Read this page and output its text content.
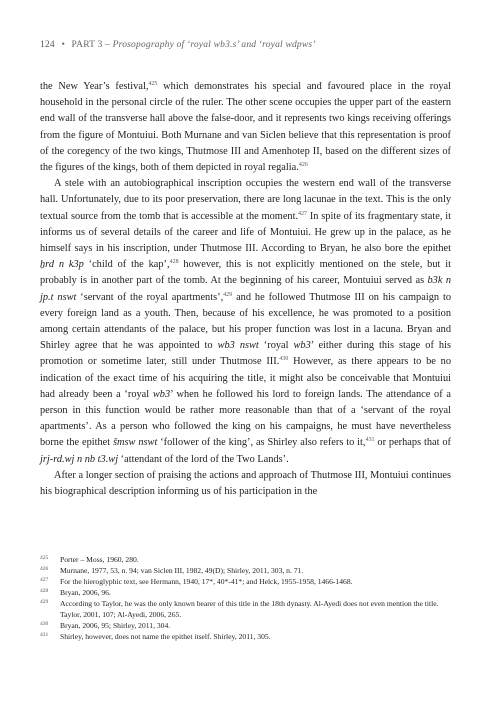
124 • PART 3 – Prosopography of ‘royal wb3.s’ and ‘royal wdpws’

the New Year’s festival,$^{425}$ which demonstrates his special and favoured place in the royal household in the personal circle of the ruler. The other scene occupies the upper part of the eastern end wall of the transverse hall above the false-door, and it represents two kings receiving offerings from the figure of Montuiui. Both Murnane and van Siclen believe that this representation is proof of the coregency of the two kings, Thutmose III and Amenhotep II, based on the different sizes of the figures of the kings, both of them depicted in royal regalia.$^{426}$

A stele with an autobiographical inscription occupies the western end wall of the transverse hall. Unfortunately, due to its poor preservation, there are long lacunae in the text. This is the only textual source from the tomb that is accessible at the moment.$^{427}$ In spite of its fragmentary state, it informs us of several details of the career and life of Montuiui. He grew up in the palace, as he himself says in his inscription, under Thutmose III. According to Bryan, he also bore the epithet ẖrd n k3p ‘child of the kap’,$^{428}$ however, this is not explicitly mentioned on the stele, but it probably is in another part of the tomb. At the beginning of his career, Montuiui served as b3k n jp.t nswt ‘servant of the royal apartments’,$^{429}$ and he followed Thutmose III on his campaign to every foreign land as a youth. Then, because of his excellence, he was promoted to a position among certain attendants of the palace, but his proper function was lost in a lacuna. Bryan and Shirley agree that he was appointed to wb3 nswt ‘royal wb3’ either during this stage of his promotion or sometime later, still under Thutmose III.$^{430}$ However, as there appears to be no indication of the exact time of his acquiring the title, it might also be conceivable that Montuiui had already been a ‘royal wb3’ when he followed his lord to foreign lands. The attendance of a person in this function would be rather more reasonable than that of a ‘servant of the royal apartments’. As a person who followed the king on his campaigns, he must have nevertheless borne the epithet šmsw nswt ‘follower of the king’, as Shirley also refers to it,$^{431}$ or perhaps that of jrj-rd.wj n nb t3.wj ‘attendant of the lord of the Two Lands’.

After a longer section of praising the actions and approach of Thutmose III, Montuiui continues his biographical description informing us of his participation in the

425	Porter – Moss, 1960, 280.
426	Murnane, 1977, 53, n. 94; van Siclen III, 1982, 49(D); Shirley, 2011, 303, n. 71.
427	For the hieroglyphic text, see Hermann, 1940, 17*, 40*-41*; and Helck, 1955-1958, 1466-1468.
428	Bryan, 2006, 96.
429	According to Taylor, he was the only known bearer of this title in the 18th dynasty. Al-Ayedi does not even mention the title. Taylor, 2001, 107; Al-Ayedi, 2006, 265.
430	Bryan, 2006, 95; Shirley, 2011, 304.
431	Shirley, however, does not name the epithet itself. Shirley, 2011, 305.
